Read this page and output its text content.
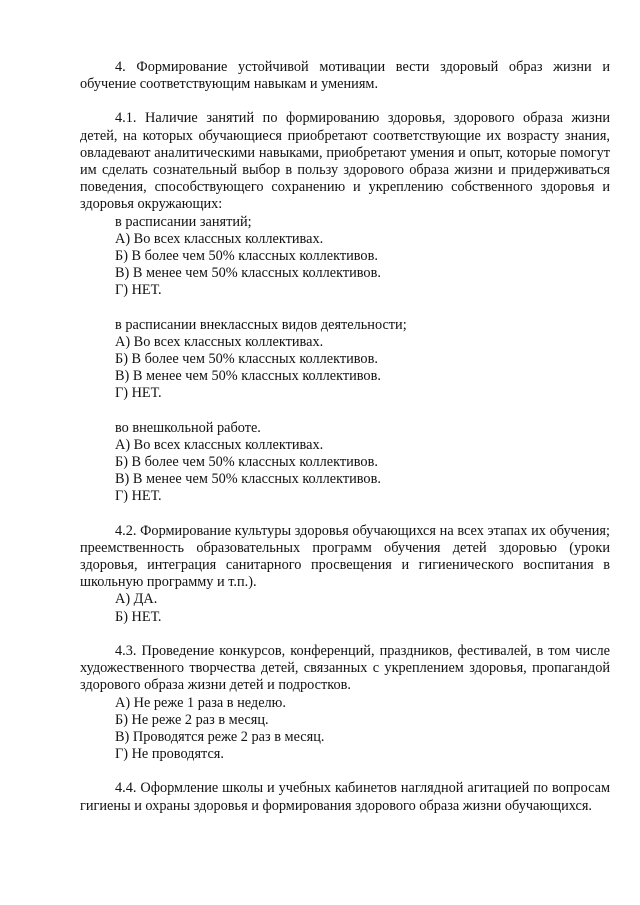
4. Формирование устойчивой мотивации вести здоровый образ жизни и обучение соответствующим навыкам и умениям.

4.1. Наличие занятий по формированию здоровья, здорового образа жизни детей, на которых обучающиеся приобретают соответствующие их возрасту знания, овладевают аналитическими навыками, приобретают умения и опыт, которые помогут им сделать сознательный выбор в пользу здорового образа жизни и придерживаться поведения, способствующего сохранению и укреплению собственного здоровья и здоровья окружающих:

в расписании занятий;

А) Во всех классных коллективах.

Б) В более чем 50% классных коллективов.

В) В менее чем 50% классных коллективов.

Г) НЕТ.

в расписании внеклассных видов деятельности;

А) Во всех классных коллективах.

Б) В более чем 50% классных коллективов.

В) В менее чем 50% классных коллективов.

Г) НЕТ.

во внешкольной работе.

А) Во всех классных коллективах.

Б) В более чем 50% классных коллективов.

В) В менее чем 50% классных коллективов.

Г) НЕТ.

4.2. Формирование культуры здоровья обучающихся на всех этапах их обучения; преемственность образовательных программ обучения детей здоровью (уроки здоровья, интеграция санитарного просвещения и гигиенического воспитания в школьную программу и т.п.).

А) ДА.

Б) НЕТ.

4.3. Проведение конкурсов, конференций, праздников, фестивалей, в том числе художественного творчества детей, связанных с укреплением здоровья, пропагандой здорового образа жизни детей и подростков.

А) Не реже 1 раза в неделю.

Б) Не реже 2 раз в месяц.

В) Проводятся реже 2 раз в месяц.

Г) Не проводятся.

4.4. Оформление школы и учебных кабинетов наглядной агитацией по вопросам гигиены и охраны здоровья и формирования здорового образа жизни обучающихся.
